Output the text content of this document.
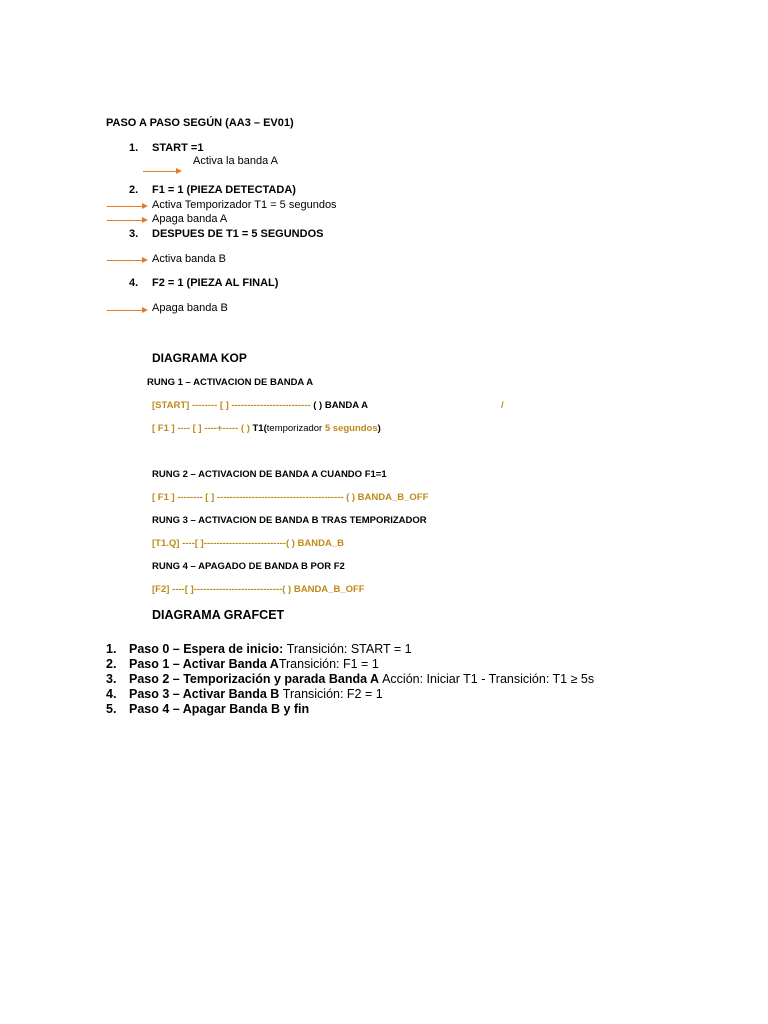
PASO A PASO SEGÚN (AA3 – EV01)
1. START =1
Activa la banda A
2. F1 = 1 (PIEZA DETECTADA)
Activa Temporizador T1 = 5 segundos
Apaga banda A
3. DESPUES DE T1 = 5 SEGUNDOS
Activa banda B
4. F2 = 1 (PIEZA AL FINAL)
Apaga banda B
DIAGRAMA KOP
RUNG 1 – ACTIVACION DE BANDA A
[START] -------- [ ] ------------------------- ( ) BANDA A	/
[ F1 ] ---- [ ] ----+----- ( ) T1(temporizador 5 segundos)
RUNG 2 – ACTIVACION DE BANDA A CUANDO F1=1
[ F1 ] -------- [ ] ---------------------------------------- ( ) BANDA_B_OFF
RUNG 3 – ACTIVACION DE BANDA B TRAS TEMPORIZADOR
[T1.Q] ----[ ]--------------------------( ) BANDA_B
RUNG 4 – APAGADO DE BANDA B POR F2
[F2] ----[ ]----------------------------( ) BANDA_B_OFF
DIAGRAMA GRAFCET
1. Paso 0 – Espera de inicio: Transición: START = 1
2. Paso 1 – Activar Banda ATransición: F1 = 1
3. Paso 2 – Temporización y parada Banda A Acción: Iniciar T1 - Transición: T1 ≥ 5s
4. Paso 3 – Activar Banda B Transición: F2 = 1
5. Paso 4 – Apagar Banda B y fin
